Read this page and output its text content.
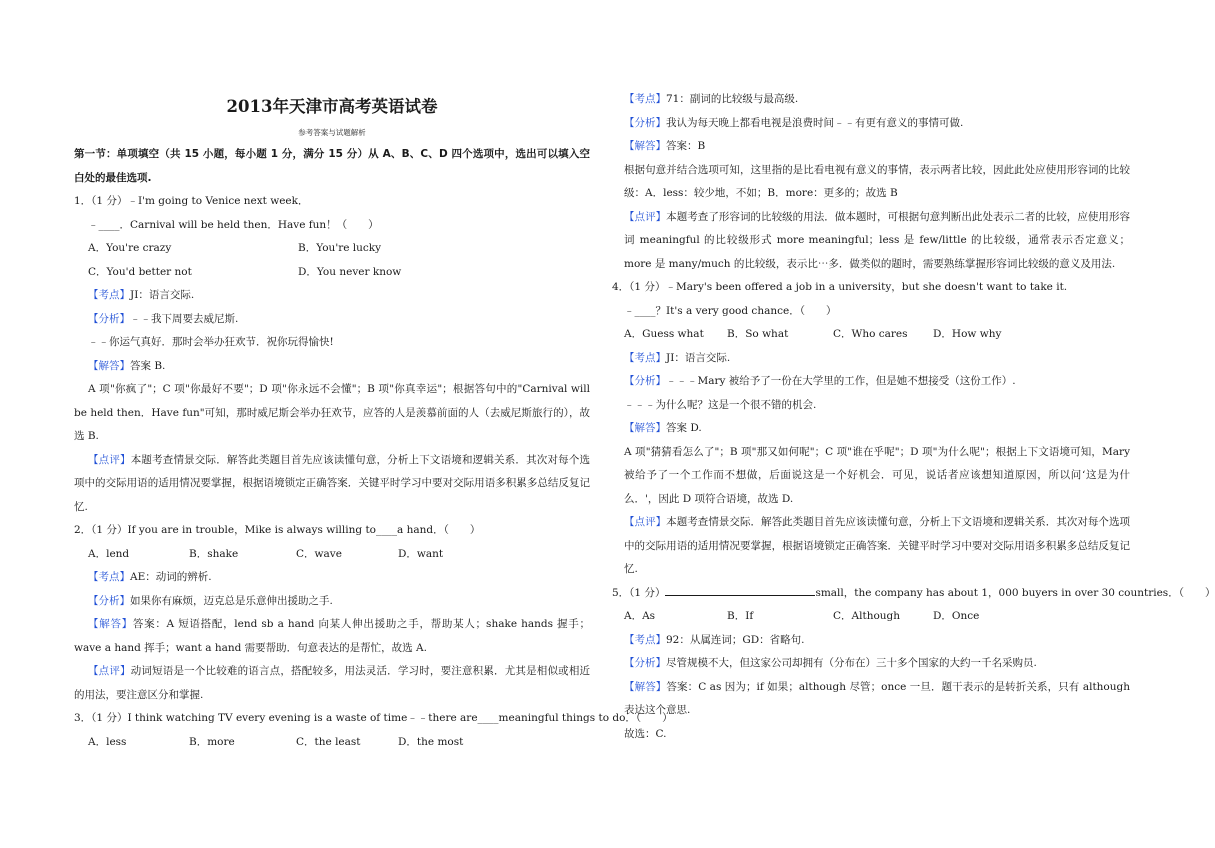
2013年天津市高考英语试卷
参考答案与试题解析
第一节：单项填空（共 15 小题，每小题 1 分，满分 15 分）从 A、B、C、D 四个选项中，选出可以填入空白处的最佳选项.
1．（1 分）﹣I'm going to Venice next week．
﹣____．Carnival will be held then．Have fun！（　　）
A．You're crazy	B．You're lucky
C．You'd better not	D．You never know
【考点】JI：语言交际.
【分析】﹣﹣我下周要去威尼斯.
﹣﹣你运气真好．那时会举办狂欢节．祝你玩得愉快!
【解答】答案 B.
A 项"你疯了"；C 项"你最好不要"；D 项"你永远不会懂"；B 项"你真幸运"；根据答句中的"Carnival will be held then．Have fun"可知，那时威尼斯会举办狂欢节，应答的人是羡慕前面的人（去威尼斯旅行的），故选 B.
【点评】本题考查情景交际．解答此类题目首先应该读懂句意，分析上下文语境和逻辑关系．其次对每个选项中的交际用语的适用情况要掌握，根据语境锁定正确答案．关键平时学习中要对交际用语多积累多总结反复记忆.
2．（1 分）If you are in trouble，Mike is always willing to____a hand．（　　）
A．lend	B．shake	C．wave	D．want
【考点】AE：动词的辨析.
【分析】如果你有麻烦，迈克总是乐意伸出援助之手.
【解答】答案：A 短语搭配，lend sb a hand 向某人伸出援助之手，帮助某人；shake hands 握手；wave a hand 挥手；want a hand 需要帮助．句意表达的是帮忙，故选 A.
【点评】动词短语是一个比较难的语言点，搭配较多，用法灵活．学习时，要注意积累．尤其是相似或相近的用法，要注意区分和掌握.
3．（1 分）I think watching TV every evening is a waste of time﹣﹣there are____meaningful things to do．（　　）
A．less	B．more	C．the least	D．the most
【考点】71：副词的比较级与最高级.
【分析】我认为每天晚上都看电视是浪费时间﹣﹣有更有意义的事情可做.
【解答】答案：B
根据句意并结合选项可知，这里指的是比看电视有意义的事情，表示两者比较，因此此处应使用形容词的比较级：A．less：较少地，不如；B．more：更多的；故选 B
【点评】本题考查了形容词的比较级的用法．做本题时，可根据句意判断出此处表示二者的比较，应使用形容词 meaningful 的比较级形式 more meaningful；less 是 few/little 的比较级，通常表示否定意义；more 是 many/much 的比较级，表示比⋯多．做类似的题时，需要熟练掌握形容词比较级的意义及用法.
4．（1 分）﹣Mary's been offered a job in a university，but she doesn't want to take it.
﹣____？It's a very good chance．（　　）
A．Guess what	B．So what	C．Who cares	D．How why
【考点】JI：语言交际.
【分析】﹣﹣﹣Mary 被给予了一份在大学里的工作，但是她不想接受（这份工作）.
﹣﹣﹣为什么呢？这是一个很不错的机会.
【解答】答案 D.
A 项"猜猜看怎么了"；B 项"那又如何呢"；C 项"谁在乎呢"；D 项"为什么呢"；根据上下文语境可知，Mary 被给予了一个工作而不想做，后面说这是一个好机会．可见，说话者应该想知道原因，所以问‘这是为什么．'，因此 D 项符合语境，故选 D.
【点评】本题考查情景交际．解答此类题目首先应该读懂句意，分析上下文语境和逻辑关系．其次对每个选项中的交际用语的适用情况要掌握，根据语境锁定正确答案．关键平时学习中要对交际用语多积累多总结反复记忆.
5．（1 分）	small，the company has about 1，000 buyers in over 30 countries．（　　）
A．As	B．If	C．Although	D．Once
【考点】92：从属连词；GD：省略句.
【分析】尽管规模不大，但这家公司却拥有（分布在）三十多个国家的大约一千名采购员.
【解答】答案：C as 因为；if 如果；although 尽管；once 一旦．题干表示的是转折关系，只有 although 表达这个意思.
故选：C.
